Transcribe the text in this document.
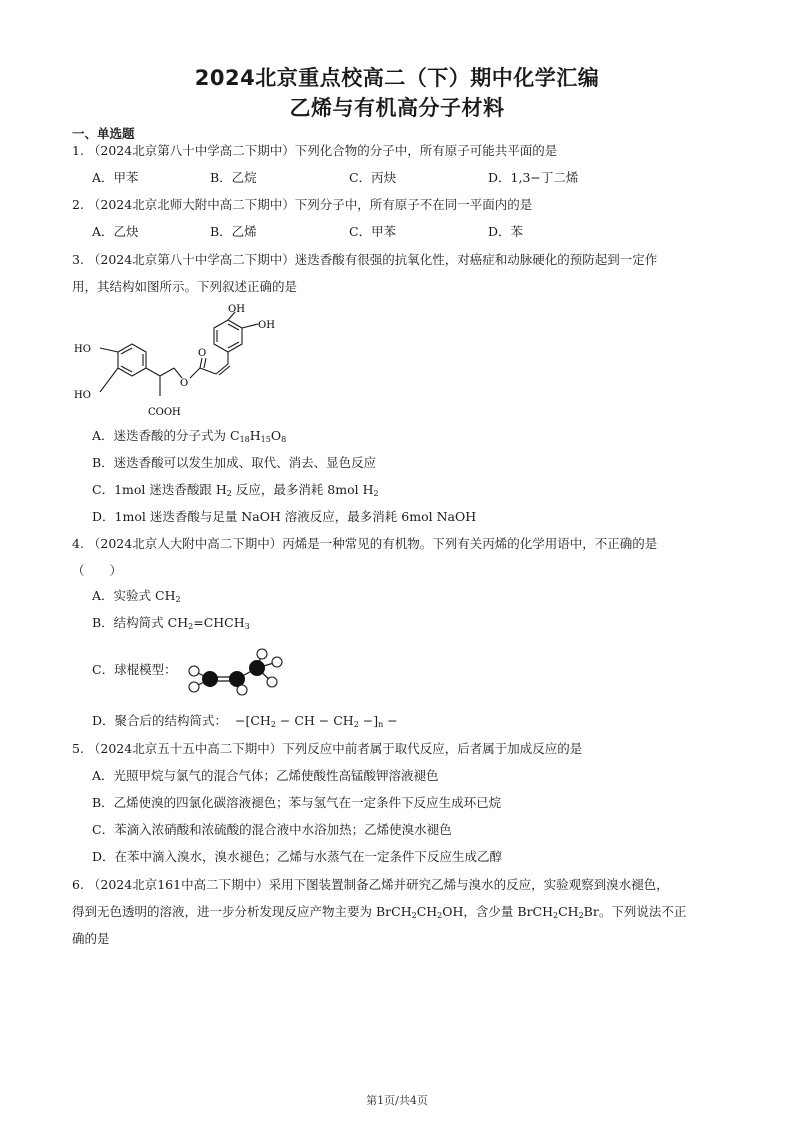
2024北京重点校高二（下）期中化学汇编
乙烯与有机高分子材料
一、单选题
1. （2024北京第八十中学高二下期中）下列化合物的分子中，所有原子可能共平面的是
A．甲苯	B．乙烷	C．丙炔	D．1,3−丁二烯
2. （2024北京北师大附中高二下期中）下列分子中，所有原子不在同一平面内的是
A．乙炔	B．乙烯	C．甲苯	D．苯
3. （2024北京第八十中学高二下期中）迷迭香酸有很强的抗氧化性，对癌症和动脉硬化的预防起到一定作
用，其结构如图所示。下列叙述正确的是
HO
HO
COOH
O
O
OH
OH
A．迷迭香酸的分子式为 $C_{18}H_{15}O_8$
B．迷迭香酸可以发生加成、取代、消去、显色反应
C．1mol 迷迭香酸跟 $H_2$ 反应，最多消耗 8mol $H_2$
D．1mol 迷迭香酸与足量 NaOH 溶液反应，最多消耗 6mol NaOH
4. （2024北京人大附中高二下期中）丙烯是一种常见的有机物。下列有关丙烯的化学用语中，不正确的是
（　　）
A．实验式 $CH_2$
B．结构简式 $CH_2=CHCH_3$
C．球棍模型：
D．聚合后的结构简式： $-[CH_2$ − CH − $CH_2 -]_n$ −
5. （2024北京五十五中高二下期中）下列反应中前者属于取代反应，后者属于加成反应的是
A．光照甲烷与氯气的混合气体；乙烯使酸性高锰酸钾溶液褪色
B．乙烯使溴的四氯化碳溶液褪色；苯与氢气在一定条件下反应生成环已烷
C．苯滴入浓硝酸和浓硫酸的混合液中水浴加热；乙烯使溴水褪色
D．在苯中滴入溴水，溴水褪色；乙烯与水蒸气在一定条件下反应生成乙醇
6. （2024北京161中高二下期中）采用下图装置制备乙烯并研究乙烯与溴水的反应，实验观察到溴水褪色，
得到无色透明的溶液，进一步分析发现反应产物主要为 $BrCH_2CH_2OH$，含少量 $BrCH_2CH_2Br$。下列说法不正
确的是
第1页/共4页
